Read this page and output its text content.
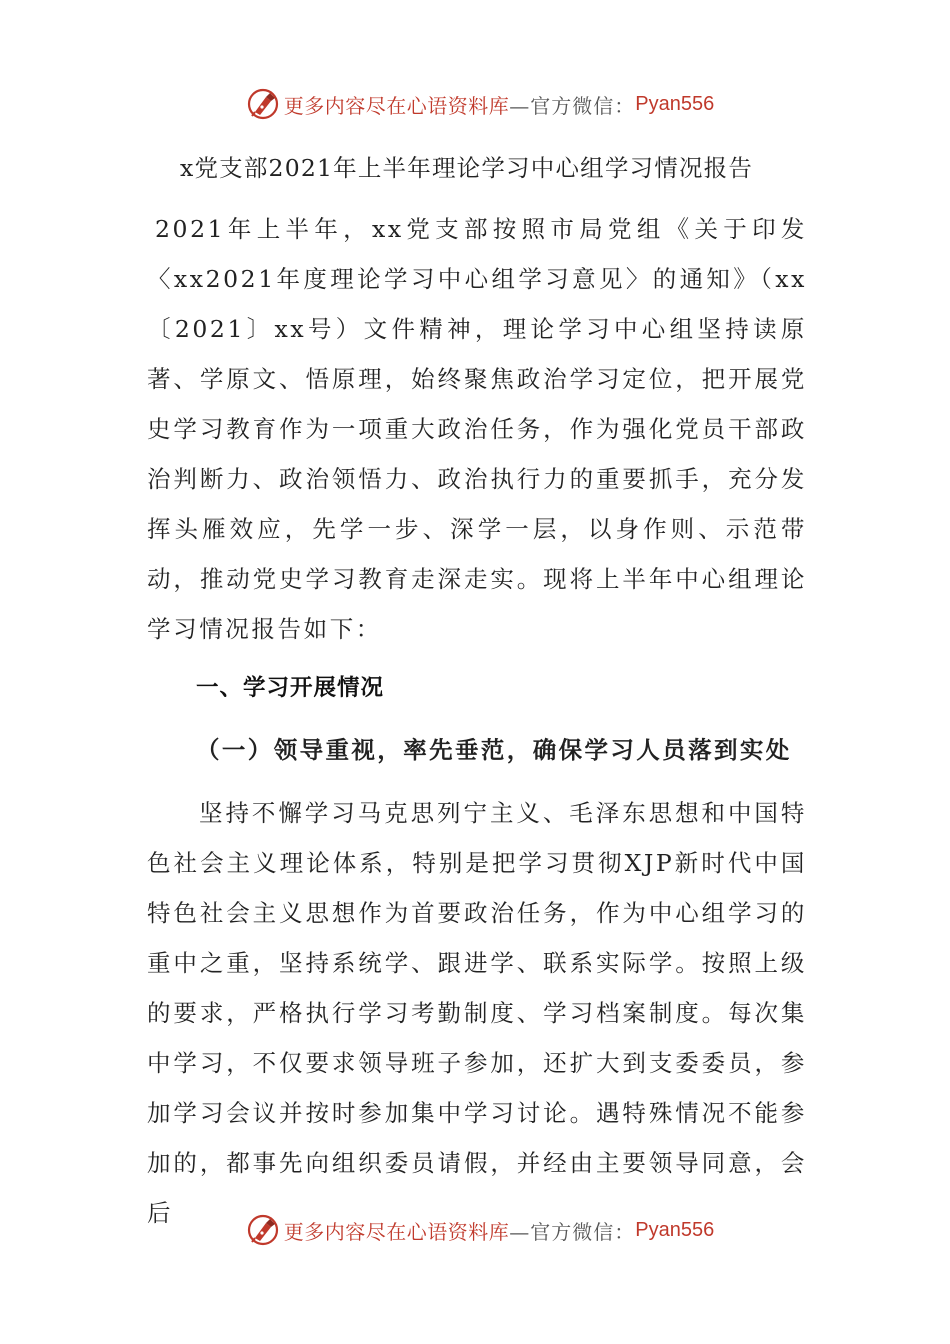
更多内容尽在心语资料库 —官方微信： Pyan556
x党支部2021年上半年理论学习中心组学习情况报告
2021年上半年，xx党支部按照市局党组《关于印发〈xx2021年度理论学习中心组学习意见〉的通知》（xx〔2021〕xx号）文件精神，理论学习中心组坚持读原著、学原文、悟原理，始终聚焦政治学习定位，把开展党史学习教育作为一项重大政治任务，作为强化党员干部政治判断力、政治领悟力、政治执行力的重要抓手，充分发挥头雁效应，先学一步、深学一层，以身作则、示范带动，推动党史学习教育走深走实。现将上半年中心组理论学习情况报告如下：
一、学习开展情况
（一）领导重视，率先垂范，确保学习人员落到实处
坚持不懈学习马克思列宁主义、毛泽东思想和中国特色社会主义理论体系，特别是把学习贯彻XJP新时代中国特色社会主义思想作为首要政治任务，作为中心组学习的重中之重，坚持系统学、跟进学、联系实际学。按照上级的要求，严格执行学习考勤制度、学习档案制度。每次集中学习，不仅要求领导班子参加，还扩大到支委委员，参加学习会议并按时参加集中学习讨论。遇特殊情况不能参加的，都事先向组织委员请假，并经由主要领导同意，会后
更多内容尽在心语资料库 —官方微信： Pyan556
